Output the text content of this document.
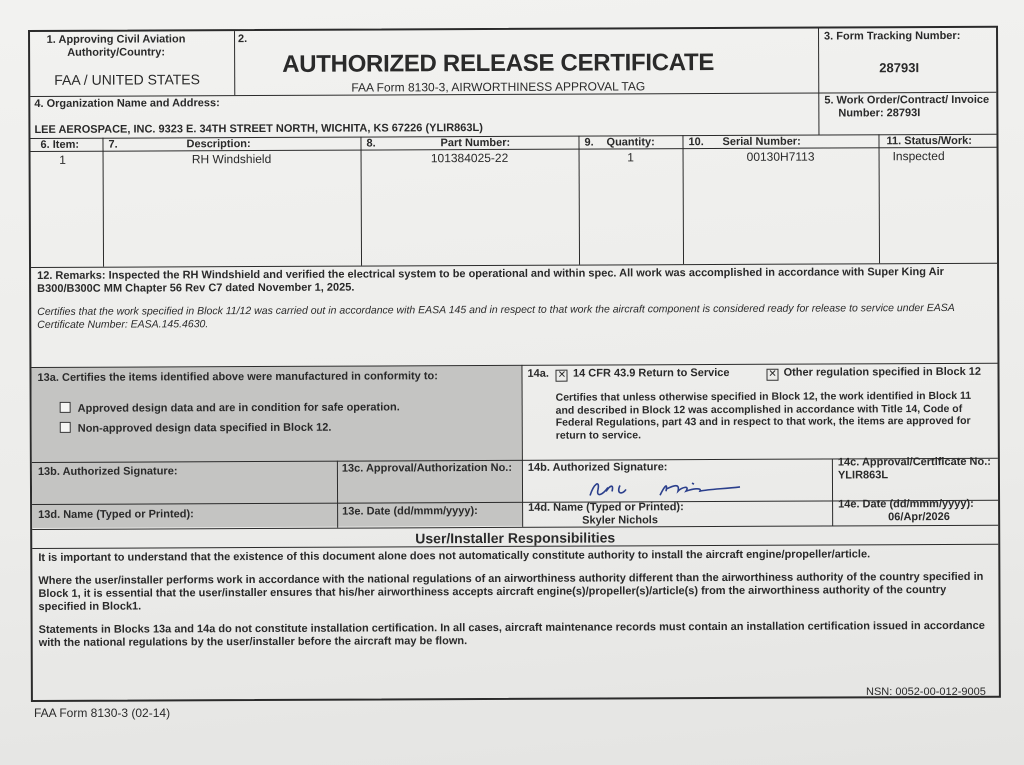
1. Approving Civil Aviation Authority/Country:
FAA / UNITED STATES
2.
AUTHORIZED RELEASE CERTIFICATE
FAA Form 8130-3, AIRWORTHINESS APPROVAL TAG
3. Form Tracking Number:
28793I
4. Organization Name and Address:
LEE AEROSPACE, INC. 9323 E. 34TH STREET NORTH, WICHITA, KS 67226 (YLIR863L)
5. Work Order/Contract/ Invoice
Number: 28793I
6. Item:	7.	Description:	8.	Part Number:	9. Quantity:	10. Serial Number:	11. Status/Work:
1	RH Windshield	101384025-22	1	00130H7113	Inspected
12. Remarks: Inspected the RH Windshield and verified the electrical system to be operational and within spec. All work was accomplished in accordance with Super King Air B300/B300C MM Chapter 56 Rev C7 dated November 1, 2025.
Certifies that the work specified in Block 11/12 was carried out in accordance with EASA 145 and in respect to that work the aircraft component is considered ready for release to service under EASA Certificate Number: EASA.145.4630.
13a. Certifies the items identified above were manufactured in conformity to:
Approved design data and are in condition for safe operation.
Non-approved design data specified in Block 12.
14a. ✕ 14 CFR 43.9 Return to Service	✕ Other regulation specified in Block 12
Certifies that unless otherwise specified in Block 12, the work identified in Block 11 and described in Block 12 was accomplished in accordance with Title 14, Code of Federal Regulations, part 43 and in respect to that work, the items are approved for return to service.
13b. Authorized Signature:	13c. Approval/Authorization No.: 14b. Authorized Signature:	14c. Approval/Certificate No.:
YLIR863L
13d. Name (Typed or Printed):	13e. Date (dd/mmm/yyyy):	14d. Name (Typed or Printed):
Skyler Nichols
14e. Date (dd/mmm/yyyy):
06/Apr/2026
User/Installer Responsibilities
It is important to understand that the existence of this document alone does not automatically constitute authority to install the aircraft engine/propeller/article.
Where the user/installer performs work in accordance with the national regulations of an airworthiness authority different than the airworthiness authority of the country specified in Block 1, it is essential that the user/installer ensures that his/her airworthiness accepts aircraft engine(s)/propeller(s)/article(s) from the airworthiness authority of the country specified in Block1.
Statements in Blocks 13a and 14a do not constitute installation certification. In all cases, aircraft maintenance records must contain an installation certification issued in accordance with the national regulations by the user/installer before the aircraft may be flown.
FAA Form 8130-3 (02-14)
NSN: 0052-00-012-9005
